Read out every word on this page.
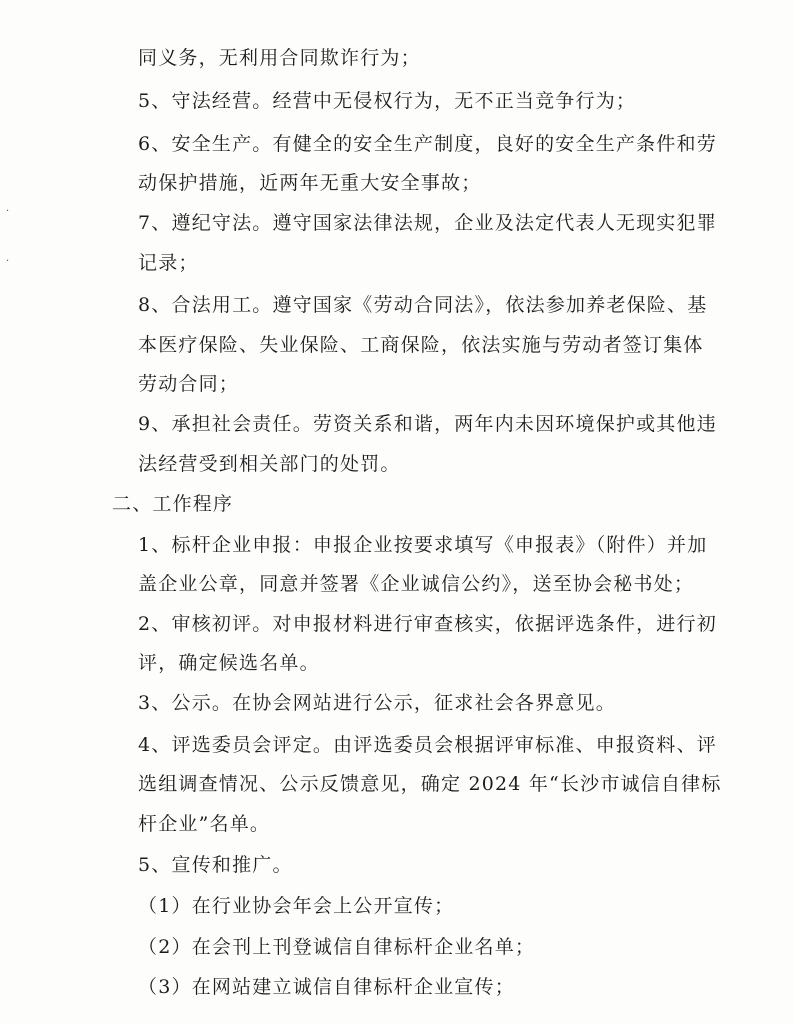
同义务，无利用合同欺诈行为；
5、守法经营。经营中无侵权行为，无不正当竞争行为；
6、安全生产。有健全的安全生产制度，良好的安全生产条件和劳
动保护措施，近两年无重大安全事故；
7、遵纪守法。遵守国家法律法规，企业及法定代表人无现实犯罪
记录；
8、合法用工。遵守国家《劳动合同法》，依法参加养老保险、基
本医疗保险、失业保险、工商保险，依法实施与劳动者签订集体
劳动合同；
9、承担社会责任。劳资关系和谐，两年内未因环境保护或其他违
法经营受到相关部门的处罚。
二、工作程序
1、标杆企业申报：申报企业按要求填写《申报表》（附件）并加
盖企业公章，同意并签署《企业诚信公约》，送至协会秘书处；
2、审核初评。对申报材料进行审查核实，依据评选条件，进行初
评，确定候选名单。
3、公示。在协会网站进行公示，征求社会各界意见。
4、评选委员会评定。由评选委员会根据评审标准、申报资料、评
选组调查情况、公示反馈意见，确定 2024 年“长沙市诚信自律标
杆企业”名单。
5、宣传和推广。
（1）在行业协会年会上公开宣传；
（2）在会刊上刊登诚信自律标杆企业名单；
（3）在网站建立诚信自律标杆企业宣传；
·
·
